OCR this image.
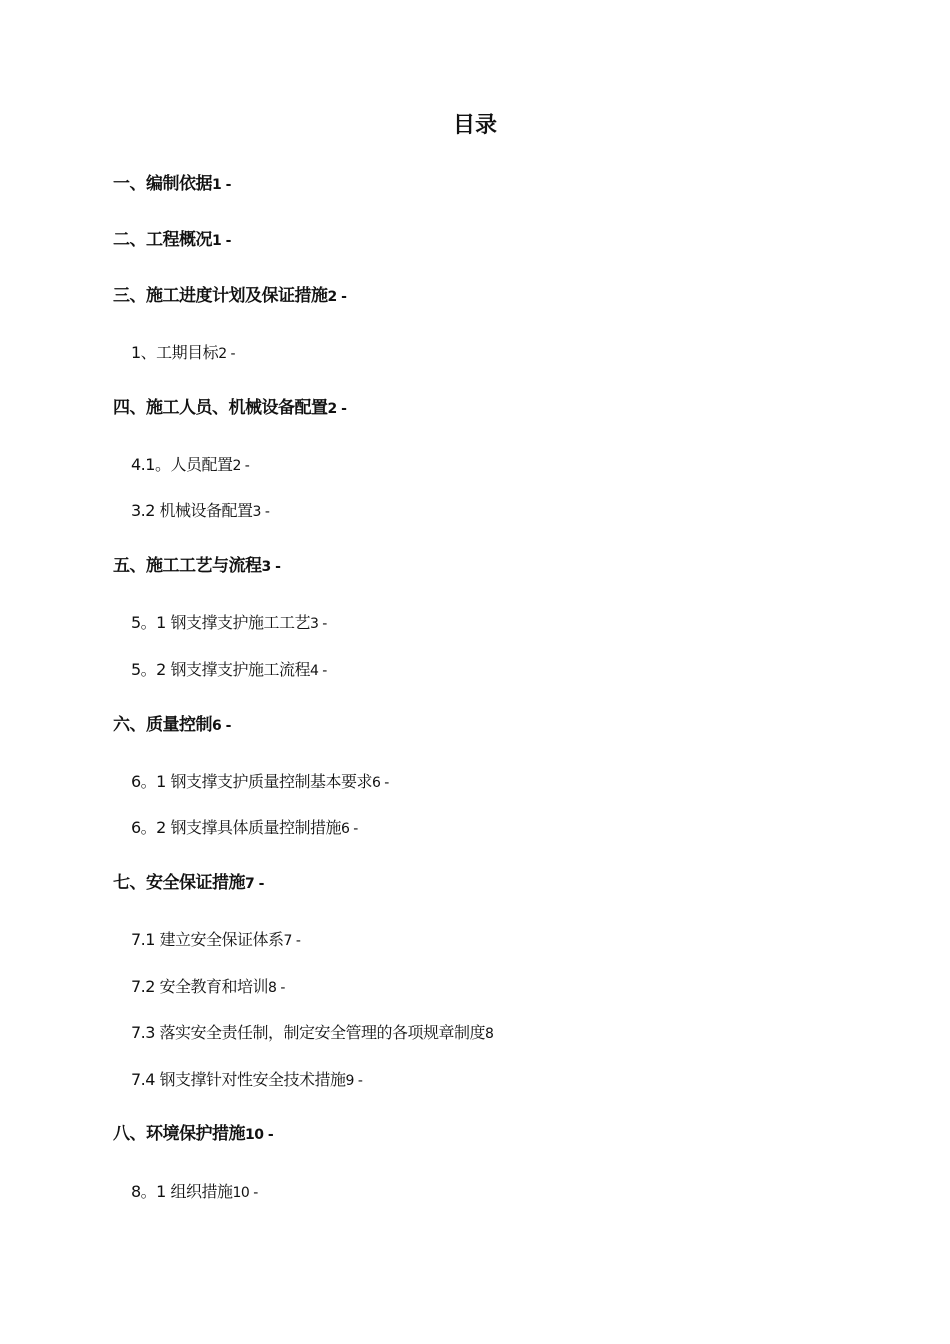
目录
一、编制依据1 -
二、工程概况1 -
三、施工进度计划及保证措施2 -
1、工期目标2 -
四、施工人员、机械设备配置2 -
4.1。人员配置2 -
3.2 机械设备配置3 -
五、施工工艺与流程3 -
5。1 钢支撑支护施工工艺3 -
5。2 钢支撑支护施工流程4 -
六、质量控制6 -
6。1 钢支撑支护质量控制基本要求6 -
6。2 钢支撑具体质量控制措施6 -
七、安全保证措施7 -
7.1 建立安全保证体系7 -
7.2 安全教育和培训8 -
7.3 落实安全责任制，制定安全管理的各项规章制度8
7.4 钢支撑针对性安全技术措施9 -
八、环境保护措施10 -
8。1 组织措施10 -
